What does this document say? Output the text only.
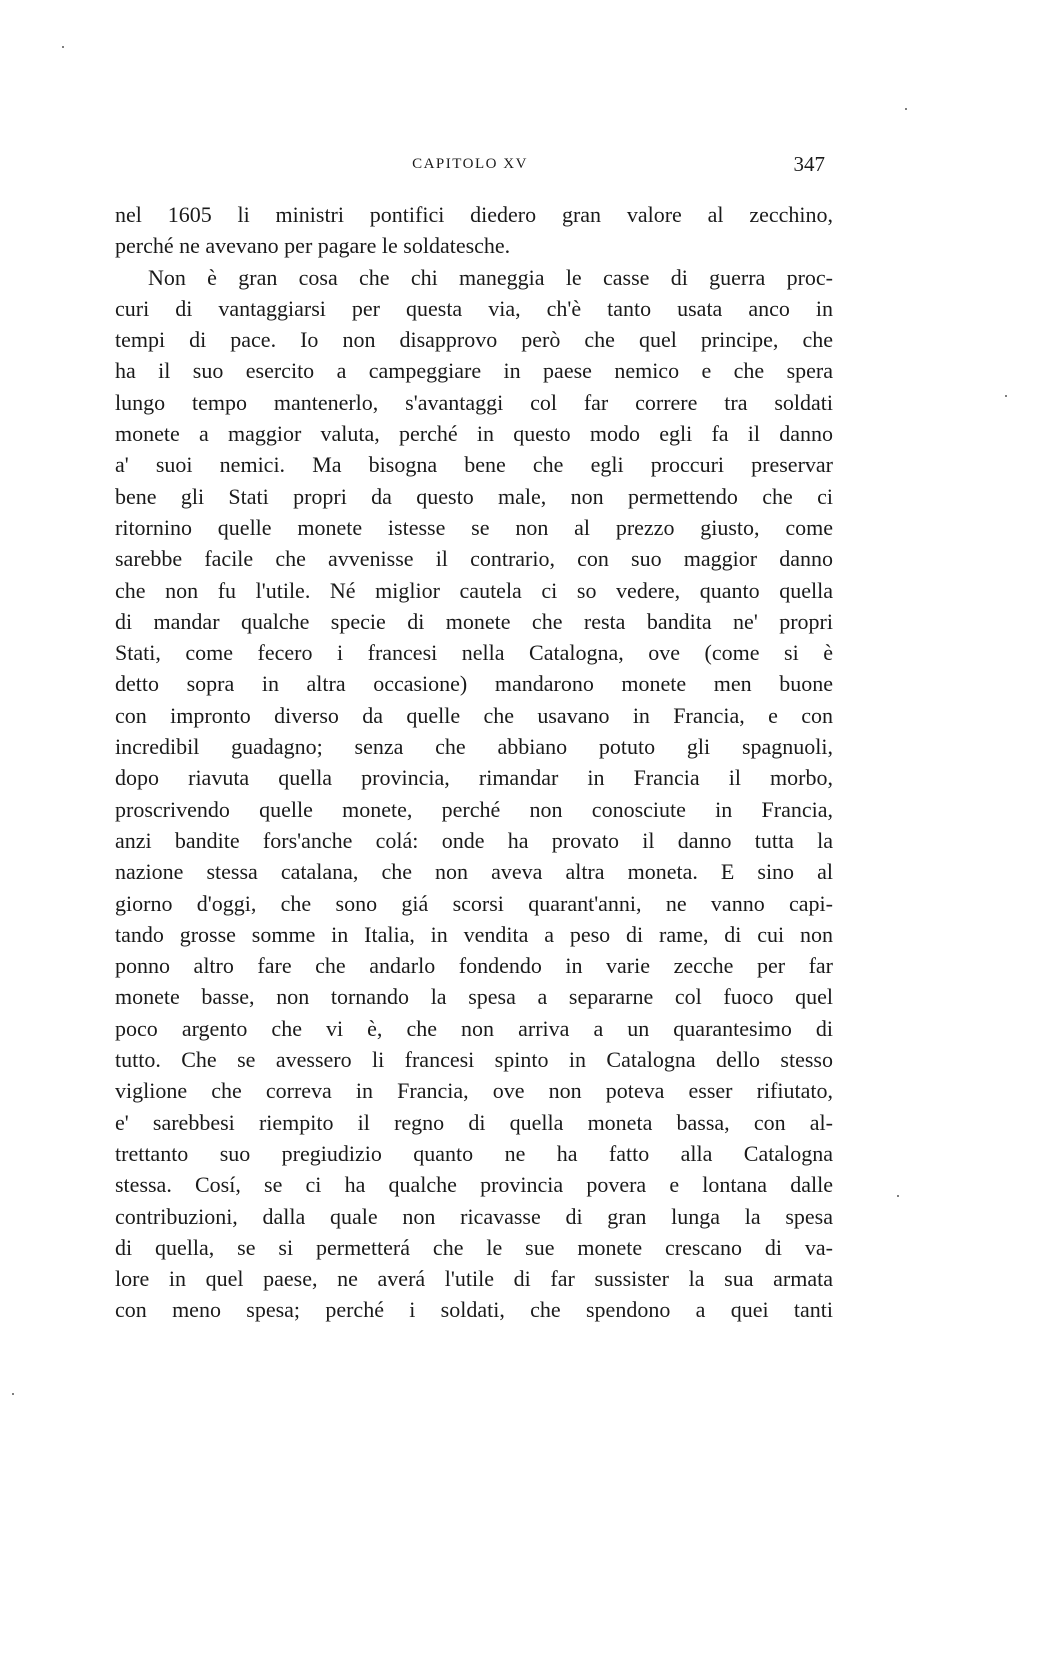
CAPITOLO XV	347
nel 1605 li ministri pontifici diedero gran valore al zecchino,
perché ne avevano per pagare le soldatesche.
Non è gran cosa che chi maneggia le casse di guerra proc-
curi di vantaggiarsi per questa via, ch'è tanto usata anco in
tempi di pace. Io non disapprovo però che quel principe, che
ha il suo esercito a campeggiare in paese nemico e che spera
lungo tempo mantenerlo, s'avantaggi col far correre tra soldati
monete a maggior valuta, perché in questo modo egli fa il danno
a' suoi nemici. Ma bisogna bene che egli proccuri preservar
bene gli Stati propri da questo male, non permettendo che ci
ritornino quelle monete istesse se non al prezzo giusto, come
sarebbe facile che avvenisse il contrario, con suo maggior danno
che non fu l'utile. Né miglior cautela ci so vedere, quanto quella
di mandar qualche specie di monete che resta bandita ne' propri
Stati, come fecero i francesi nella Catalogna, ove (come si è
detto sopra in altra occasione) mandarono monete men buone
con impronto diverso da quelle che usavano in Francia, e con
incredibil guadagno; senza che abbiano potuto gli spagnuoli,
dopo riavuta quella provincia, rimandar in Francia il morbo,
proscrivendo quelle monete, perché non conosciute in Francia,
anzi bandite fors'anche colá: onde ha provato il danno tutta la
nazione stessa catalana, che non aveva altra moneta. E sino al
giorno d'oggi, che sono giá scorsi quarant'anni, ne vanno capi-
tando grosse somme in Italia, in vendita a peso di rame, di cui non
ponno altro fare che andarlo fondendo in varie zecche per far
monete basse, non tornando la spesa a separarne col fuoco quel
poco argento che vi è, che non arriva a un quarantesimo di
tutto. Che se avessero li francesi spinto in Catalogna dello stesso
viglione che correva in Francia, ove non poteva esser rifiutato,
e' sarebbesi riempito il regno di quella moneta bassa, con al-
trettanto suo pregiudizio quanto ne ha fatto alla Catalogna
stessa. Cosí, se ci ha qualche provincia povera e lontana dalle
contribuzioni, dalla quale non ricavasse di gran lunga la spesa
di quella, se si permetterá che le sue monete crescano di va-
lore in quel paese, ne averá l'utile di far sussister la sua armata
con meno spesa; perché i soldati, che spendono a quei tanti
